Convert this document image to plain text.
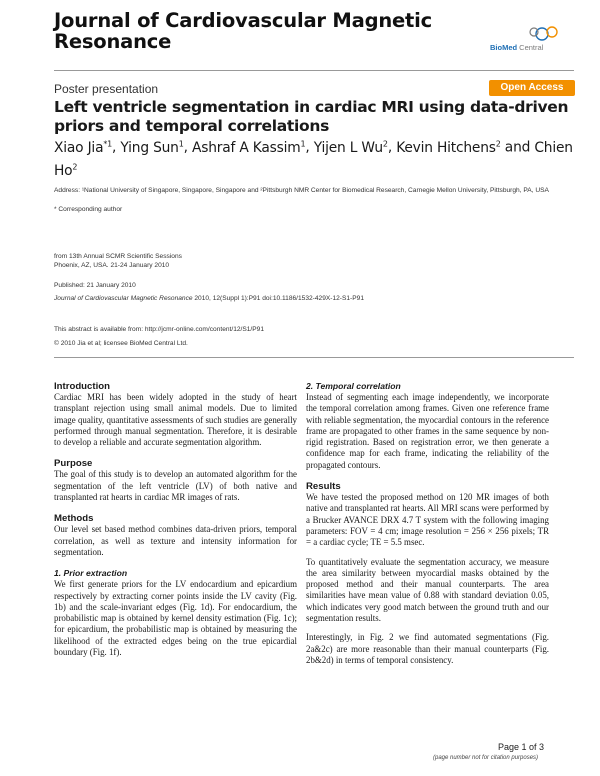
Journal of Cardiovascular Magnetic
Resonance	BioMed Central
Poster presentation	Open Access
Left ventricle segmentation in cardiac MRI using data-driven priors and temporal correlations
Xiao Jia$^{*1}$, Ying Sun$^1$, Ashraf A Kassim$^1$, Yijen L Wu$^2$, Kevin Hitchens$^2$ and Chien Ho$^2$
Address: ¹National University of Singapore, Singapore, Singapore and ²Pittsburgh NMR Center for Biomedical Research, Carnegie Mellon University, Pittsburgh, PA, USA
* Corresponding author
from 13th Annual SCMR Scientific Sessions
Phoenix, AZ, USA. 21-24 January 2010
Published: 21 January 2010
Journal of Cardiovascular Magnetic Resonance 2010, 12(Suppl 1):P91 doi:10.1186/1532-429X-12-S1-P91
This abstract is available from: http://jcmr-online.com/content/12/S1/P91
© 2010 Jia et al; licensee BioMed Central Ltd.
Introduction

Cardiac MRI has been widely adopted in the study of heart transplant rejection using small animal models. Due to limited image quality, quantitative assessments of such studies are generally performed through manual segmentation. Therefore, it is desirable to develop a reliable and accurate segmentation algorithm.

Purpose

The goal of this study is to develop an automated algorithm for the segmentation of the left ventricle (LV) of both native and transplanted rat hearts in cardiac MR images of rats.

Methods

Our level set based method combines data-driven priors, temporal correlation, as well as texture and intensity information for segmentation.

1. Prior extraction

We first generate priors for the LV endocardium and epicardium respectively by extracting corner points inside the LV cavity (Fig. 1b) and the scale-invariant edges (Fig. 1d). For endocardium, the probabilistic map is obtained by kernel density estimation (Fig. 1c); for epicardium, the probabilistic map is obtained by measuring the likelihood of the extracted edges being on the true epicardial boundary (Fig. 1f).

2. Temporal correlation

Instead of segmenting each image independently, we incorporate the temporal correlation among frames. Given one reference frame with reliable segmentation, the myocardial contours in the reference frame are propagated to other frames in the same sequence by non-rigid registration. Based on registration error, we then generate a confidence map for each frame, indicating the reliability of the propagated contours.

Results

We have tested the proposed method on 120 MR images of both native and transplanted rat hearts. All MRI scans were performed by a Brucker AVANCE DRX 4.7 T system with the following imaging parameters: FOV = 4 cm; image resolution = 256 × 256 pixels; TR = a cardiac cycle; TE = 5.5 msec.

To quantitatively evaluate the segmentation accuracy, we measure the area similarity between myocardial masks obtained by the proposed method and their manual counterparts. The area similarities have mean value of 0.88 with standard deviation 0.05, which indicates very good match between the ground truth and our segmentation results.

Interestingly, in Fig. 2 we find automated segmentations (Fig. 2a&2c) are more reasonable than their manual counterparts (Fig. 2b&2d) in terms of temporal consistency.

Page 1 of 3
(page number not for citation purposes)
